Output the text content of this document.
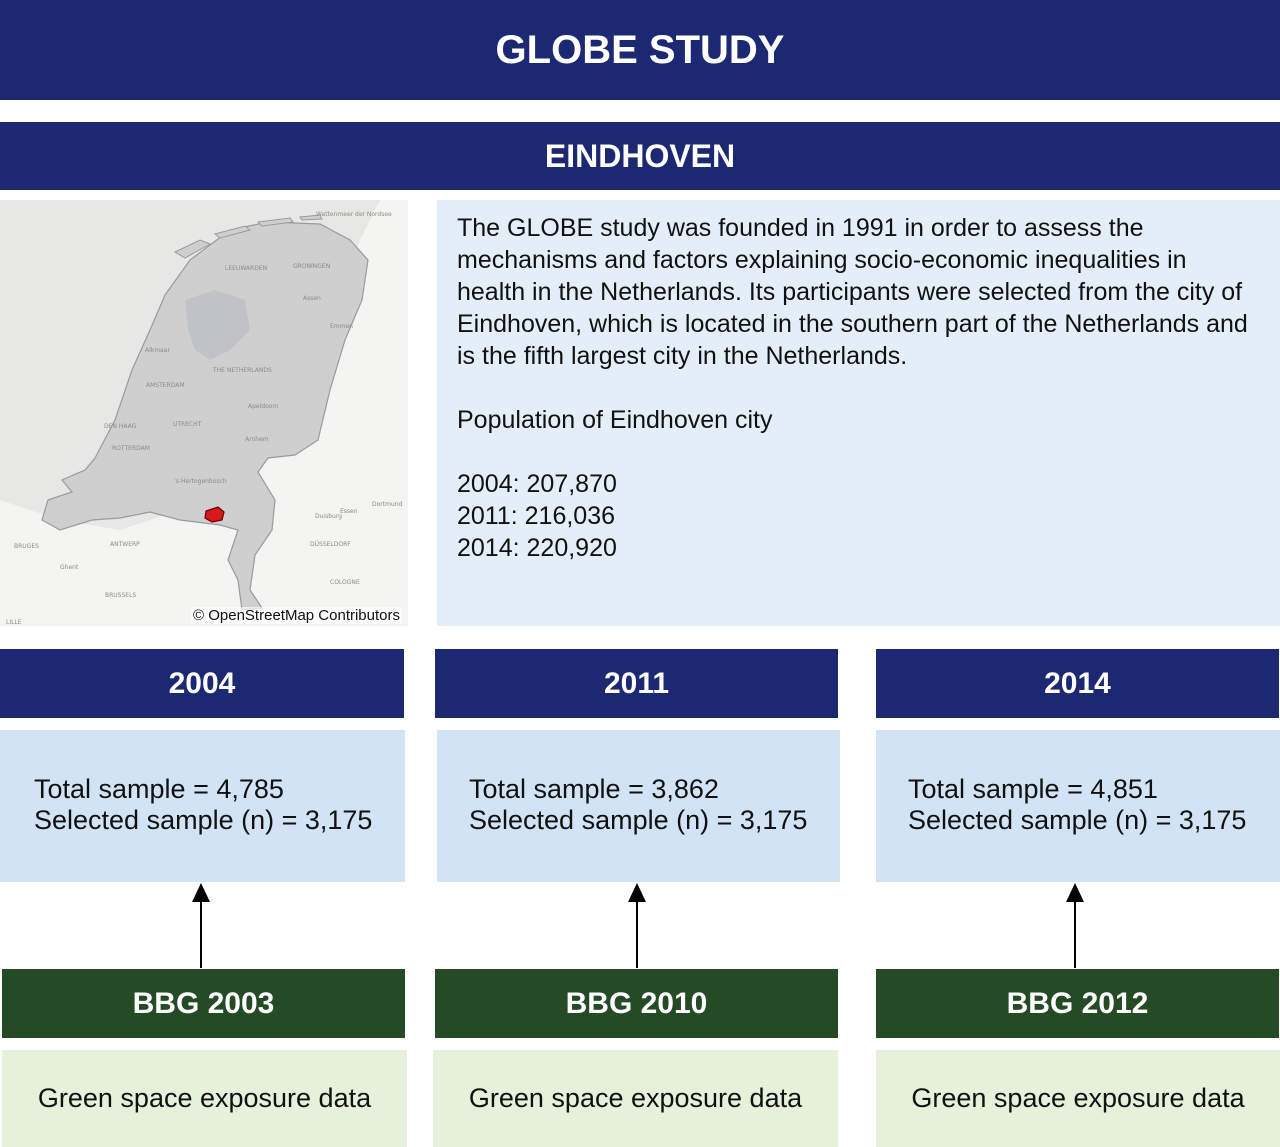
GLOBE STUDY
EINDHOVEN
LEEUWARDEN	GRONINGEN
Assen
Emmen
Alkmaar
THE NETHERLANDS
AMSTERDAM
Apeldoorn
DEN HAAG	UTRECHT
ROTTERDAM
Arnhem
's-Hertogenbosch
Duisburg
Essen
Dortmund
BRUGES	ANTWERP	DÜSSELDORF
Ghent
BRUSSELS
COLOGNE
LILLE
Wattenmeer der Nordsee
© OpenStreetMap Contributors

The GLOBE study was founded in 1991 in order to assess the mechanisms and factors explaining socio-economic inequalities in health in the Netherlands. Its participants were selected from the city of Eindhoven, which is located in the southern part of the Netherlands and is the fifth largest city in the Netherlands.

Population of Eindhoven city

2004: 207,870

2011: 216,036

2014: 220,920

2004
Total sample = 4,785
Selected sample (n) = 3,175
BBG 2003
Green space exposure data
2011
Total sample = 3,862
Selected sample (n) = 3,175
BBG 2010
Green space exposure data
2014
Total sample = 4,851
Selected sample (n) = 3,175
BBG 2012
Green space exposure data
